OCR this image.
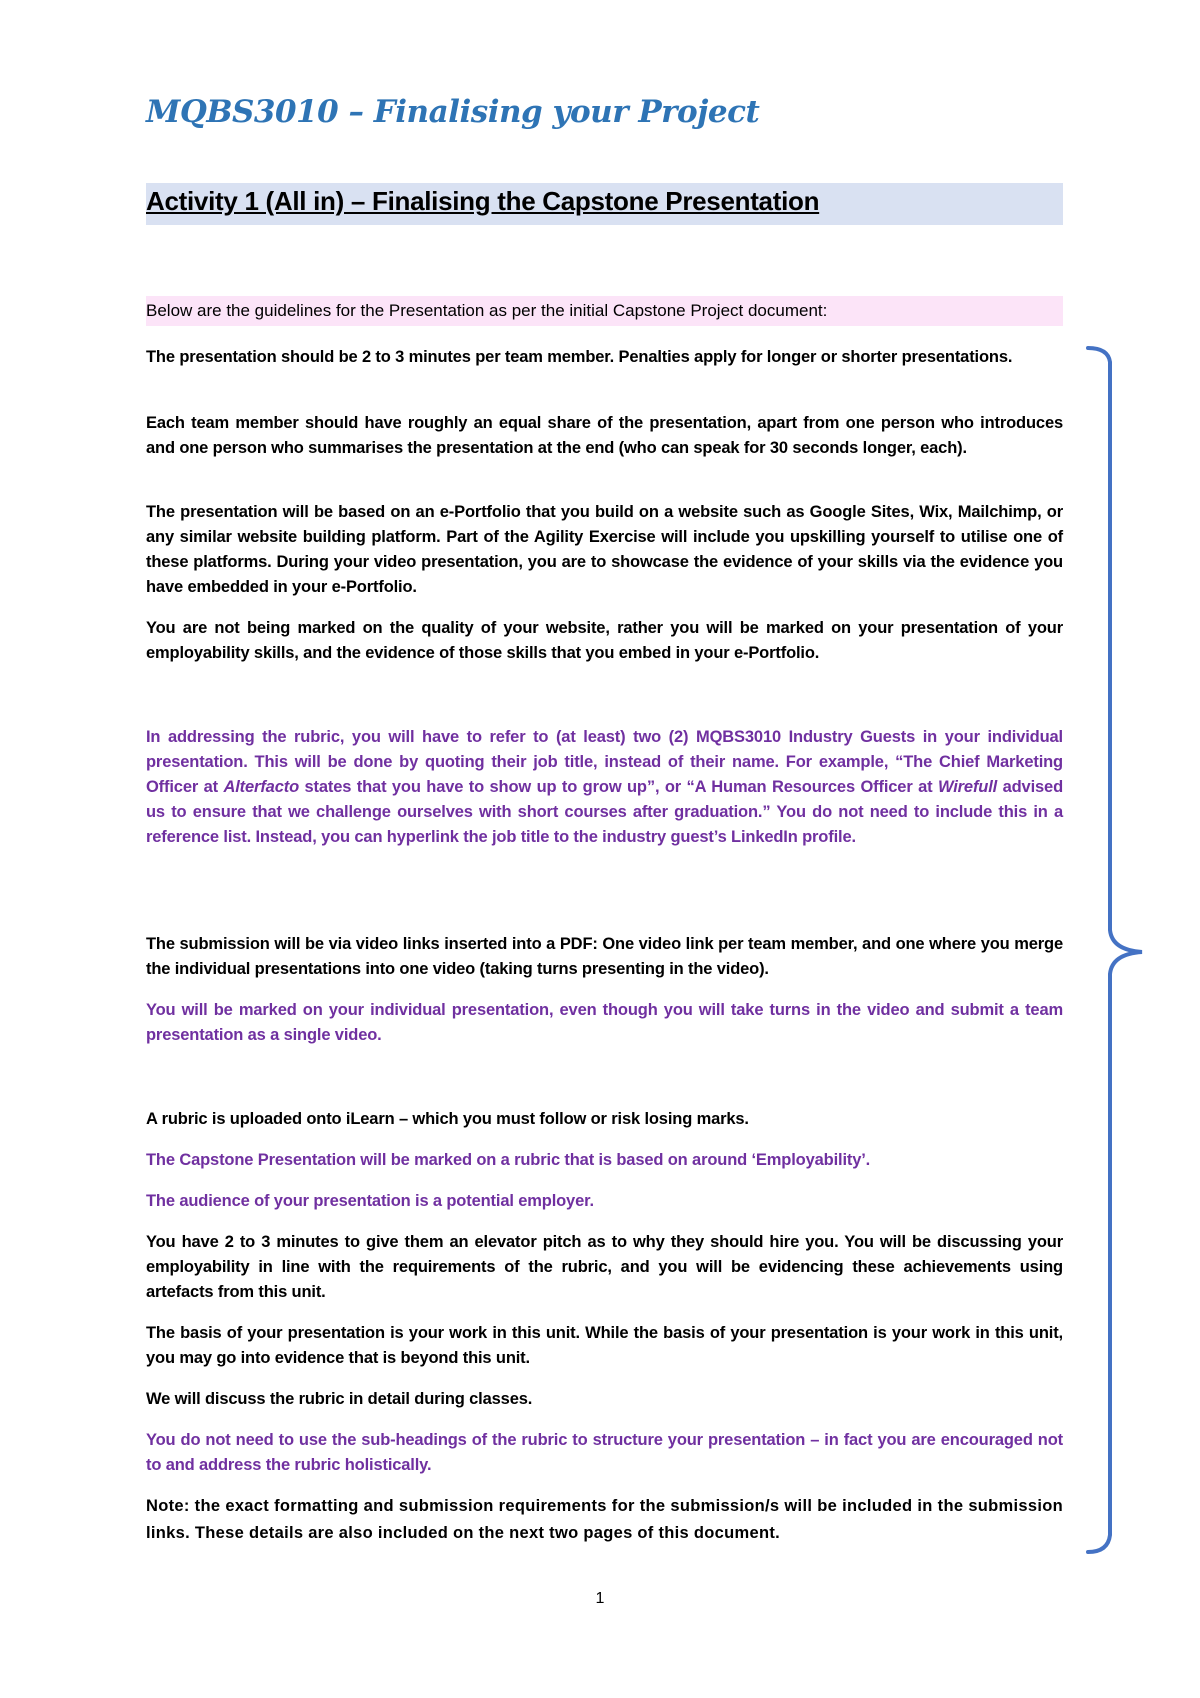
MQBS3010 – Finalising your Project
Activity 1 (All in) – Finalising the Capstone Presentation

Below are the guidelines for the Presentation as per the initial Capstone Project document:

The presentation should be 2 to 3 minutes per team member. Penalties apply for longer or shorter presentations.

Each team member should have roughly an equal share of the presentation, apart from one person who introduces and one person who summarises the presentation at the end (who can speak for 30 seconds longer, each).

The presentation will be based on an e-Portfolio that you build on a website such as Google Sites, Wix, Mailchimp, or any similar website building platform. Part of the Agility Exercise will include you upskilling yourself to utilise one of these platforms. During your video presentation, you are to showcase the evidence of your skills via the evidence you have embedded in your e-Portfolio.

You are not being marked on the quality of your website, rather you will be marked on your presentation of your employability skills, and the evidence of those skills that you embed in your e-Portfolio.

In addressing the rubric, you will have to refer to (at least) two (2) MQBS3010 Industry Guests in your individual presentation. This will be done by quoting their job title, instead of their name. For example, “The Chief Marketing Officer at Alterfacto states that you have to show up to grow up”, or “A Human Resources Officer at Wirefull advised us to ensure that we challenge ourselves with short courses after graduation.” You do not need to include this in a reference list. Instead, you can hyperlink the job title to the industry guest’s LinkedIn profile.

The submission will be via video links inserted into a PDF: One video link per team member, and one where you merge the individual presentations into one video (taking turns presenting in the video).

You will be marked on your individual presentation, even though you will take turns in the video and submit a team presentation as a single video.

A rubric is uploaded onto iLearn – which you must follow or risk losing marks.

The Capstone Presentation will be marked on a rubric that is based on around ‘Employability’.

The audience of your presentation is a potential employer.

You have 2 to 3 minutes to give them an elevator pitch as to why they should hire you. You will be discussing your employability in line with the requirements of the rubric, and you will be evidencing these achievements using artefacts from this unit.

The basis of your presentation is your work in this unit. While the basis of your presentation is your work in this unit, you may go into evidence that is beyond this unit.

We will discuss the rubric in detail during classes.

You do not need to use the sub-headings of the rubric to structure your presentation – in fact you are encouraged not to and address the rubric holistically.

Note: the exact formatting and submission requirements for the submission/s will be included in the submission links. These details are also included on the next two pages of this document.

1
